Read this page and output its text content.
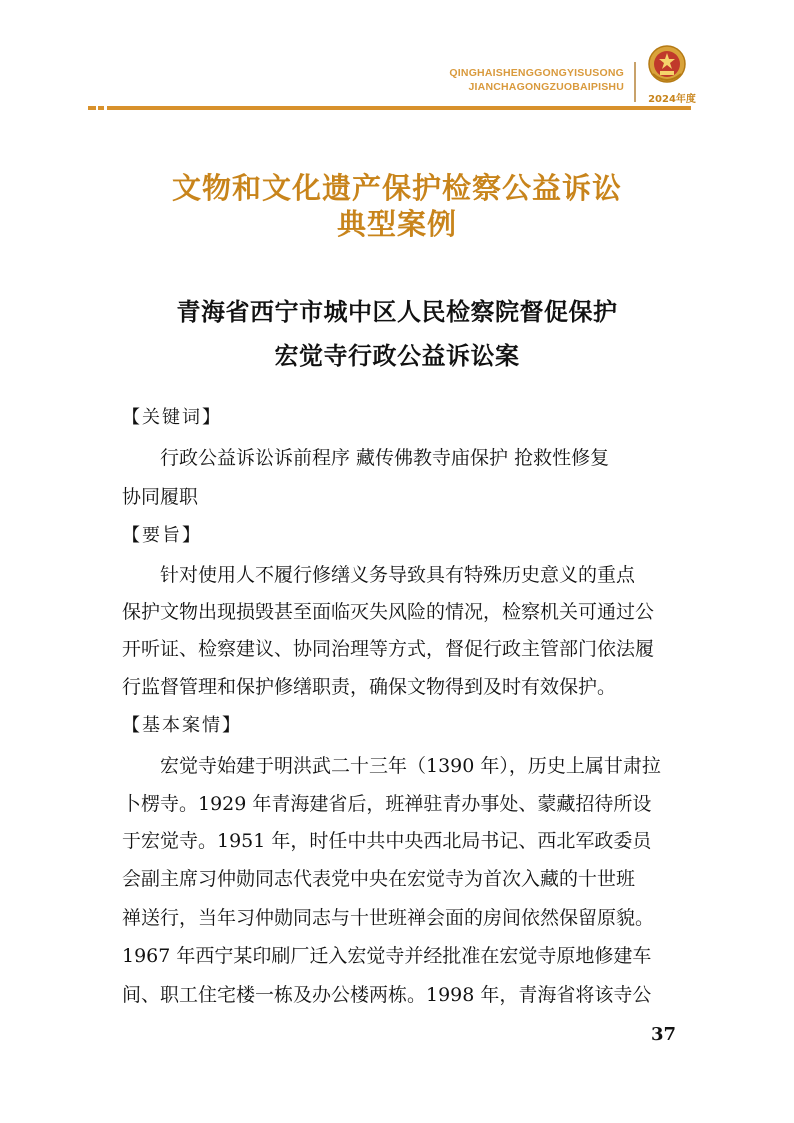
QINGHAISHENGGONGYISUSONG
JIANCHAGONGZUOBAIPISHU
2024年度
文物和文化遗产保护检察公益诉讼
典型案例
青海省西宁市城中区人民检察院督促保护
宏觉寺行政公益诉讼案
【关键词】
行政公益诉讼诉前程序 藏传佛教寺庙保护 抢救性修复
协同履职
【要旨】
针对使用人不履行修缮义务导致具有特殊历史意义的重点
保护文物出现损毁甚至面临灭失风险的情况，检察机关可通过公
开听证、检察建议、协同治理等方式，督促行政主管部门依法履
行监督管理和保护修缮职责，确保文物得到及时有效保护。
【基本案情】
宏觉寺始建于明洪武二十三年（1390 年），历史上属甘肃拉
卜楞寺。1929 年青海建省后，班禅驻青办事处、蒙藏招待所设
于宏觉寺。1951 年，时任中共中央西北局书记、西北军政委员
会副主席习仲勋同志代表党中央在宏觉寺为首次入藏的十世班
禅送行，当年习仲勋同志与十世班禅会面的房间依然保留原貌。
1967 年西宁某印刷厂迁入宏觉寺并经批准在宏觉寺原地修建车
间、职工住宅楼一栋及办公楼两栋。1998 年，青海省将该寺公
37
